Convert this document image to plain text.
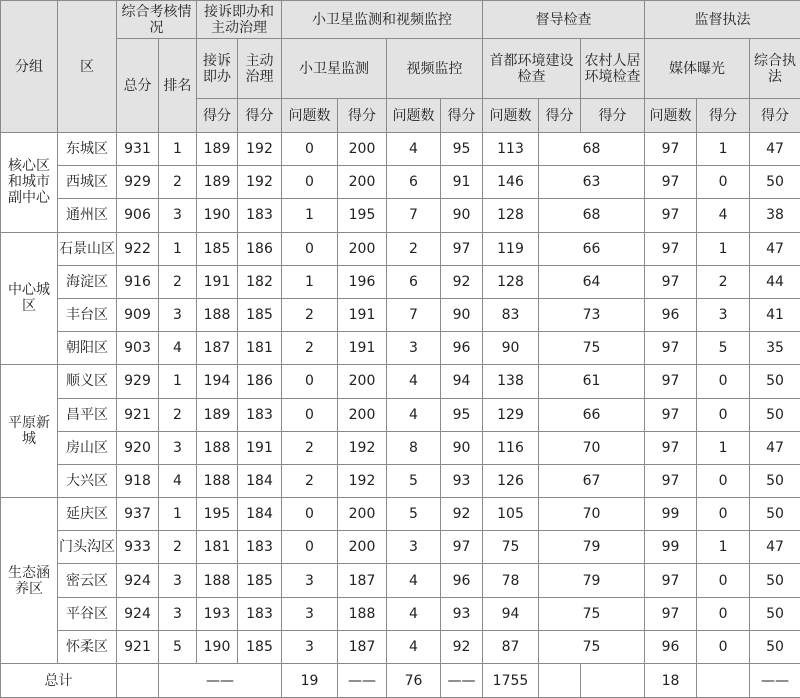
分组	区	综合考核情况		接诉即办和主动治理		小卫星监测和视频监控				督导检查			监督执法			
		总分	排名	接诉即办	主动治理	小卫星监测		视频监控		首都环境建设检查		农村人居环境检查	媒体曝光		综合执法	
				得分	得分	问题数	得分	问题数	得分	问题数	得分	得分	问题数	得分	得分	
核心区和城市副中心	东城区	931	1	189	192	0	200	4	95	113	68		97	1	47	
	西城区	929	2	189	192	0	200	6	91	146	63		97	0	50	
	通州区	906	3	190	183	1	195	7	90	128	68		97	4	38	
中心城区	石景山区	922	1	185	186	0	200	2	97	119	66		97	1	47	
	海淀区	916	2	191	182	1	196	6	92	128	64		97	2	44	
	丰台区	909	3	188	185	2	191	7	90	83	73		96	3	41	
	朝阳区	903	4	187	181	2	191	3	96	90	75		97	5	35	
平原新城	顺义区	929	1	194	186	0	200	4	94	138	61		97	0	50	
	昌平区	921	2	189	183	0	200	4	95	129	66		97	0	50	
	房山区	920	3	188	191	2	192	8	90	116	70		97	1	47	
	大兴区	918	4	188	184	2	192	5	93	126	67		97	0	50	
生态涵养区	延庆区	937	1	195	184	0	200	5	92	105	70		99	0	50	
	门头沟区	933	2	181	183	0	200	3	97	75	79		99	1	47	
	密云区	924	3	188	185	3	187	4	96	78	79		97	0	50	
	平谷区	924	3	193	183	3	188	4	93	94	75		97	0	50	
	怀柔区	921	5	190	185	3	187	4	92	87	75		96	0	50	
总计			——			19	——	76	——	1755			18		——	
